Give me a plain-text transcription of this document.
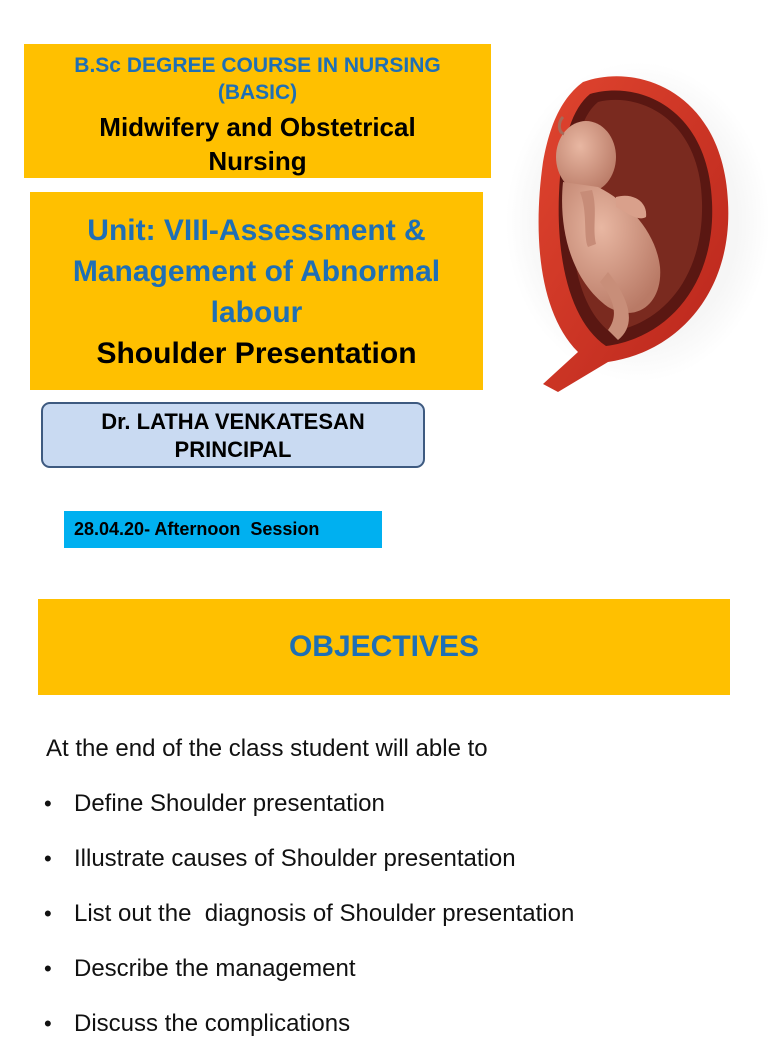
B.Sc DEGREE COURSE IN NURSING
(BASIC)
Midwifery and Obstetrical
Nursing
Unit: VIII-Assessment &
Management of Abnormal
labour
Shoulder Presentation
Dr. LATHA VENKATESAN
PRINCIPAL
28.04.20- Afternoon  Session
OBJECTIVES
At the end of the class student will able to
• Define Shoulder presentation
• Illustrate causes of Shoulder presentation
• List out the  diagnosis of Shoulder presentation
• Describe the management
• Discuss the complications
